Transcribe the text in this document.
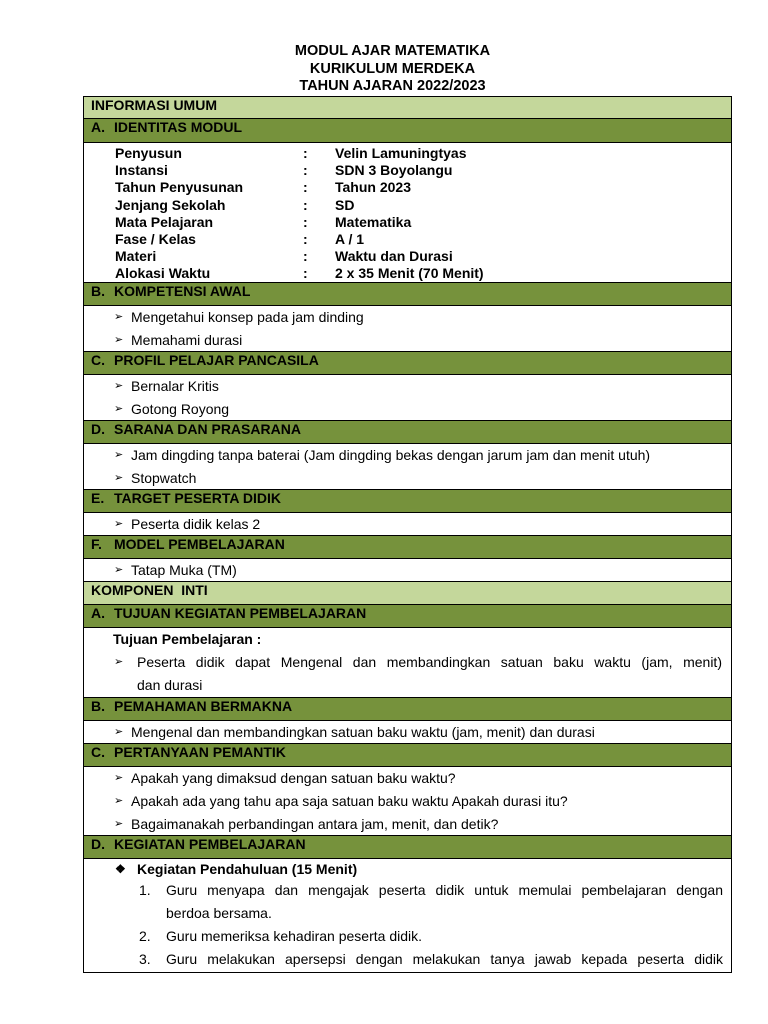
MODUL AJAR MATEMATIKA
KURIKULUM MERDEKA
TAHUN AJARAN 2022/2023
INFORMASI UMUM
A. IDENTITAS MODUL
Penyusun	: Velin Lamuningtyas
Instansi	: SDN 3 Boyolangu
Tahun Penyusunan	: Tahun 2023
Jenjang Sekolah	: SD
Mata Pelajaran	: Matematika
Fase / Kelas	: A / 1
Materi	: Waktu dan Durasi
Alokasi Waktu	: 2 x 35 Menit (70 Menit)
B. KOMPETENSI AWAL
➢ Mengetahui konsep pada jam dinding
➢ Memahami durasi
C. PROFIL PELAJAR PANCASILA
➢ Bernalar Kritis
➢ Gotong Royong
D. SARANA DAN PRASARANA
➢ Jam dingding tanpa baterai (Jam dingding bekas dengan jarum jam dan menit utuh)
➢ Stopwatch
E. TARGET PESERTA DIDIK
➢ Peserta didik kelas 2
F. MODEL PEMBELAJARAN
➢ Tatap Muka (TM)
KOMPONEN  INTI
A. TUJUAN KEGIATAN PEMBELAJARAN
Tujuan Pembelajaran :
➢ Peserta didik dapat Mengenal dan membandingkan satuan baku waktu (jam, menit)
dan durasi
B. PEMAHAMAN BERMAKNA
➢ Mengenal dan membandingkan satuan baku waktu (jam, menit) dan durasi
C. PERTANYAAN PEMANTIK
➢ Apakah yang dimaksud dengan satuan baku waktu?
➢ Apakah ada yang tahu apa saja satuan baku waktu Apakah durasi itu?
➢ Bagaimanakah perbandingan antara jam, menit, dan detik?
D. KEGIATAN PEMBELAJARAN
❖ Kegiatan Pendahuluan (15 Menit)
1. Guru menyapa dan mengajak peserta didik untuk memulai pembelajaran dengan
berdoa bersama.
2. Guru memeriksa kehadiran peserta didik.
3. Guru melakukan apersepsi dengan melakukan tanya jawab kepada peserta didik
